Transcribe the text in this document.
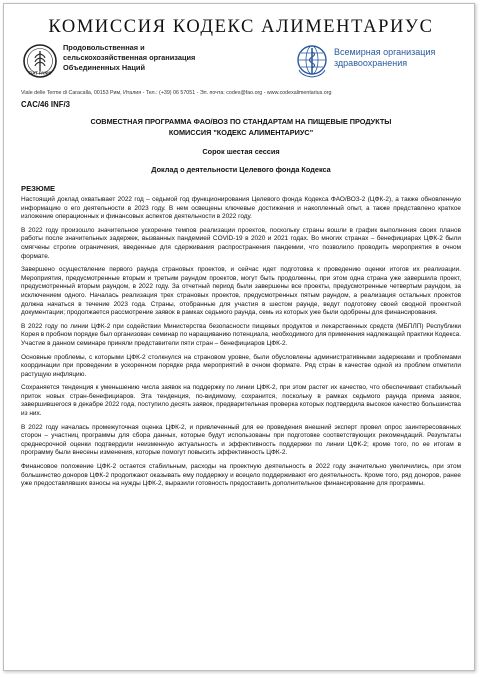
КОМИССИЯ КОДЕКС АЛИМЕНТАРИУС
FIAT PANIS
Продовольственная и
сельскохозяйственная организация
Объединенных Наций
Всемирная организация
здравоохранения
Viale delle Terme di Caracalla, 00153 Рим, Италия - Тел.: (+39) 06 57051 - Эл. почта: codex@fao.org - www.codexalimentarius.org
CAC/46 INF/3
СОВМЕСТНАЯ ПРОГРАММА ФАО/ВОЗ ПО СТАНДАРТАМ НА ПИЩЕВЫЕ ПРОДУКТЫ
КОМИССИЯ "КОДЕКС АЛИМЕНТАРИУС"
Сорок шестая сессия
Доклад о деятельности Целевого фонда Кодекса
РЕЗЮМЕ

Настоящий доклад охватывает 2022 год – седьмой год функционирования Целевого фонда Кодекса ФАО/ВОЗ-2 (ЦФК-2), а также обновленную информацию о его деятельности в 2023 году. В нем освещены ключевые достижения и накопленный опыт, а также представлено краткое изложение операционных и финансовых аспектов деятельности в 2022 году.

В 2022 году произошло значительное ускорение темпов реализации проектов, поскольку страны вошли в график выполнения своих планов работы после значительных задержек, вызванных пандемией COVID-19 в 2020 и 2021 годах. Во многих странах – бенефициарах ЦФК-2 были смягчены строгие ограничения, введенные для сдерживания распространения пандемии, что позволило проводить мероприятия в очном формате.

Завершено осуществление первого раунда страновых проектов, и сейчас идет подготовка к проведению оценки итогов их реализации. Мероприятия, предусмотренные вторым и третьим раундом проектов, могут быть продолжены, при этом одна страна уже завершила проект, предусмотренный вторым раундом, в 2022 году. За отчетный период были завершены все проекты, предусмотренные четвертым раундом, за исключением одного. Началась реализация трех страновых проектов, предусмотренных пятым раундом, а реализация остальных проектов должна начаться в течение 2023 года. Страны, отобранные для участия в шестом раунде, ведут подготовку своей сводной проектной документации; продолжается рассмотрение заявок в рамках седьмого раунда, семь из которых уже были одобрены для финансирования.

В 2022 году по линии ЦФК-2 при содействии Министерства безопасности пищевых продуктов и лекарственных средств (МБПЛП) Республики Корея в пробном порядке был организован семинар по наращиванию потенциала, необходимого для применения надлежащей практики Кодекса. Участие в данном семинаре приняли представители пяти стран – бенефициаров ЦФК-2.

Основные проблемы, с которыми ЦФК-2 столкнулся на страновом уровне, были обусловлены административными задержками и проблемами координации при проведении в ускоренном порядке ряда мероприятий в очном формате. Ряд стран в качестве одной из проблем отметили растущую инфляцию.

Сохраняется тенденция к уменьшению числа заявок на поддержку по линии ЦФК-2, при этом растет их качество, что обеспечивает стабильный приток новых стран-бенефициаров. Эта тенденция, по-видимому, сохранится, поскольку в рамках седьмого раунда приема заявок, завершившегося в декабре 2022 года, поступило десять заявок, предварительная проверка которых подтвердила высокое качество большинства из них.

В 2022 году началась промежуточная оценка ЦФК-2, и привлеченный для ее проведения внешний эксперт провел опрос заинтересованных сторон – участниц программы для сбора данных, которые будут использованы при подготовке соответствующих рекомендаций. Результаты среднесрочной оценки подтвердили неизменную актуальность и эффективность поддержки по линии ЦФК-2; кроме того, по ее итогам в программу были внесены изменения, которые помогут повысить эффективность ЦФК-2.

Финансовое положение ЦФК-2 остается стабильным, расходы на проектную деятельность в 2022 году значительно увеличились, при этом большинство доноров ЦФК-2 продолжают оказывать ему поддержку и всецело поддерживают его деятельность. Кроме того, ряд доноров, ранее уже предоставлявших взносы на нужды ЦФК-2, выразили готовность предоставить дополнительное финансирование для программы.
